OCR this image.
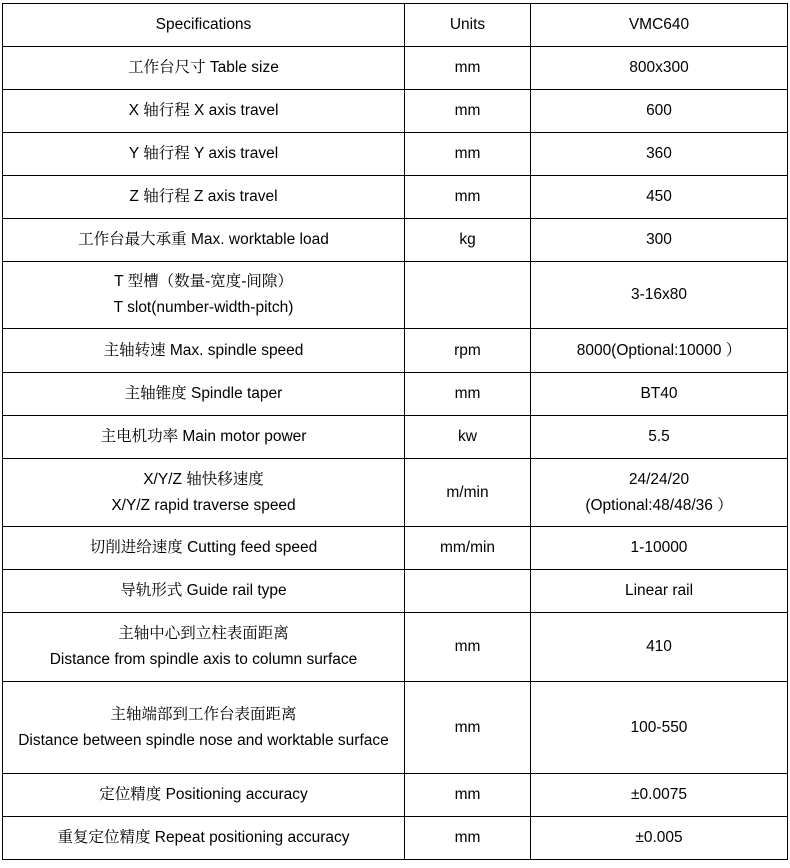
Specifications	Units	VMC640

工作台尺寸 Table size	mm	800x300

X 轴行程 X axis travel	mm	600

Y 轴行程 Y axis travel	mm	360

Z 轴行程 Z axis travel	mm	450

工作台最大承重 Max. worktable load	kg	300

T 型槽（数量-宽度-间隙）
T slot(number-width-pitch)		3-16x80

主轴转速 Max. spindle speed	rpm	8000(Optional:10000 ）

主轴锥度 Spindle taper	mm	BT40

主电机功率 Main motor power	kw	5.5

X/Y/Z 轴快移速度
X/Y/Z rapid traverse speed	m/min	24/24/20
(Optional:48/48/36 ）

切削进给速度 Cutting feed speed	mm/min	1-10000

导轨形式 Guide rail type		Linear rail

主轴中心到立柱表面距离
Distance from spindle axis to column surface	mm	410

主轴端部到工作台表面距离
Distance between spindle nose and worktable surface	mm	100-550

定位精度 Positioning accuracy	mm	±0.0075

重复定位精度 Repeat positioning accuracy	mm	±0.005
